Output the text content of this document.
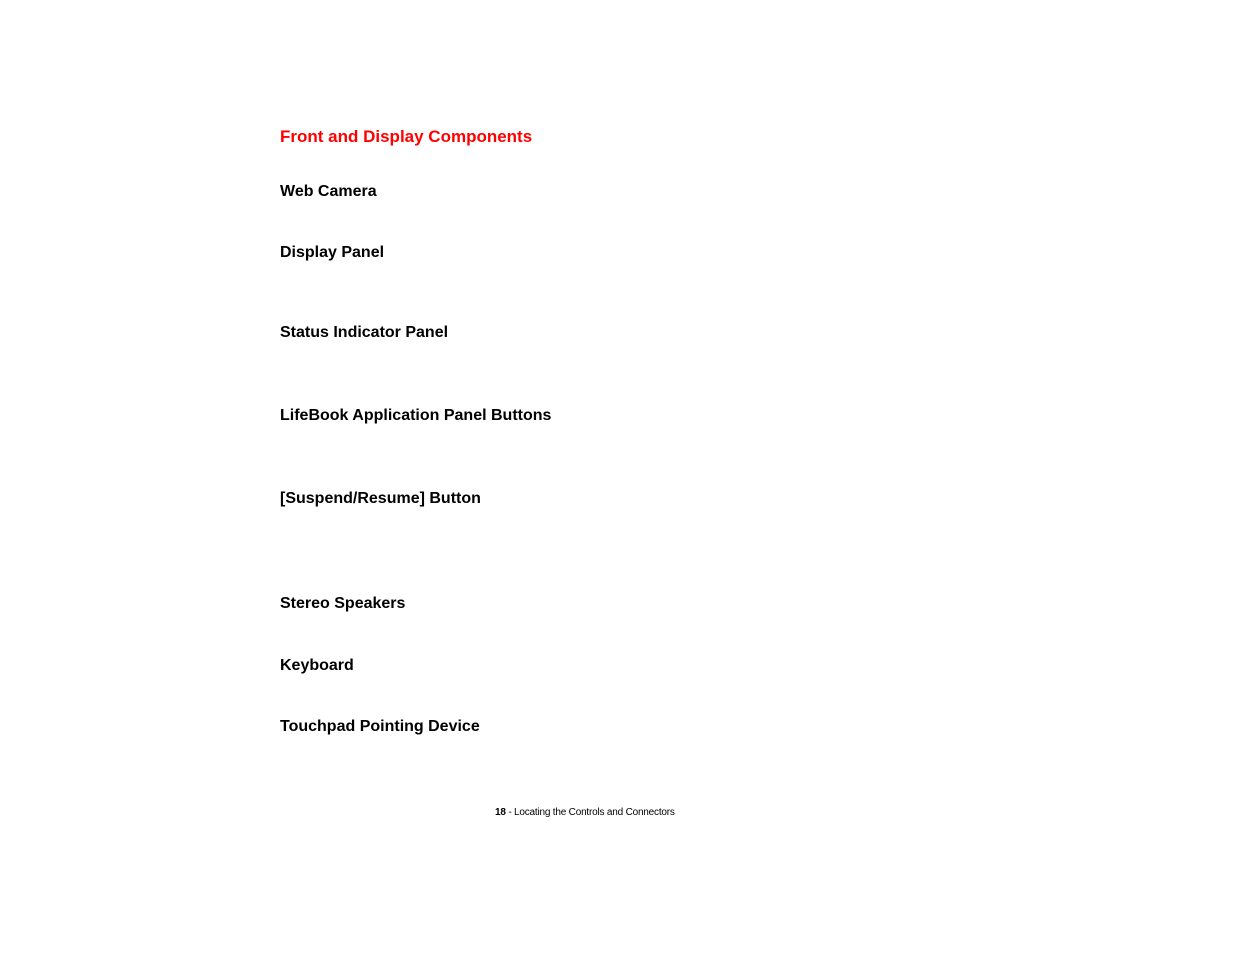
Front and Display Components
Web Camera
Display Panel
Status Indicator Panel
LifeBook Application Panel Buttons
[Suspend/Resume] Button
Stereo Speakers
Keyboard
Touchpad Pointing Device
18 - Locating the Controls and Connectors
